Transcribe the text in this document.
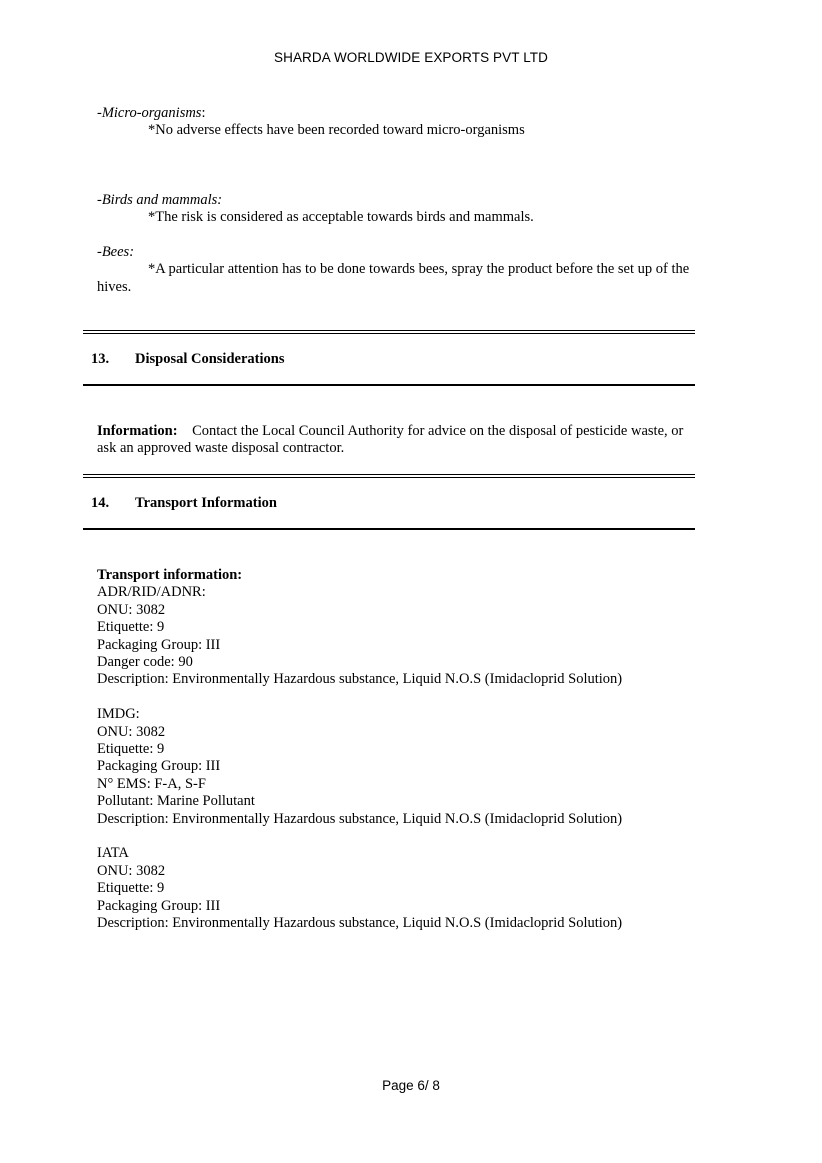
SHARDA WORLDWIDE EXPORTS PVT LTD
-Micro-organisms:
*No adverse effects have been recorded toward micro-organisms
-Birds and mammals:
*The risk is considered as acceptable towards birds and mammals.
-Bees:
*A particular attention has to be done towards bees, spray the product before the set up of the
hives.
13. Disposal Considerations
Information: Contact the Local Council Authority for advice on the disposal of pesticide waste, or
ask an approved waste disposal contractor.
14. Transport Information
Transport information:
ADR/RID/ADNR:
ONU: 3082
Etiquette: 9
Packaging Group: III
Danger code: 90
Description: Environmentally Hazardous substance, Liquid N.O.S (Imidacloprid Solution)
IMDG:
ONU: 3082
Etiquette: 9
Packaging Group: III
N° EMS: F-A, S-F
Pollutant: Marine Pollutant
Description: Environmentally Hazardous substance, Liquid N.O.S (Imidacloprid Solution)
IATA
ONU: 3082
Etiquette: 9
Packaging Group: III
Description: Environmentally Hazardous substance, Liquid N.O.S (Imidacloprid Solution)
Page 6/ 8
